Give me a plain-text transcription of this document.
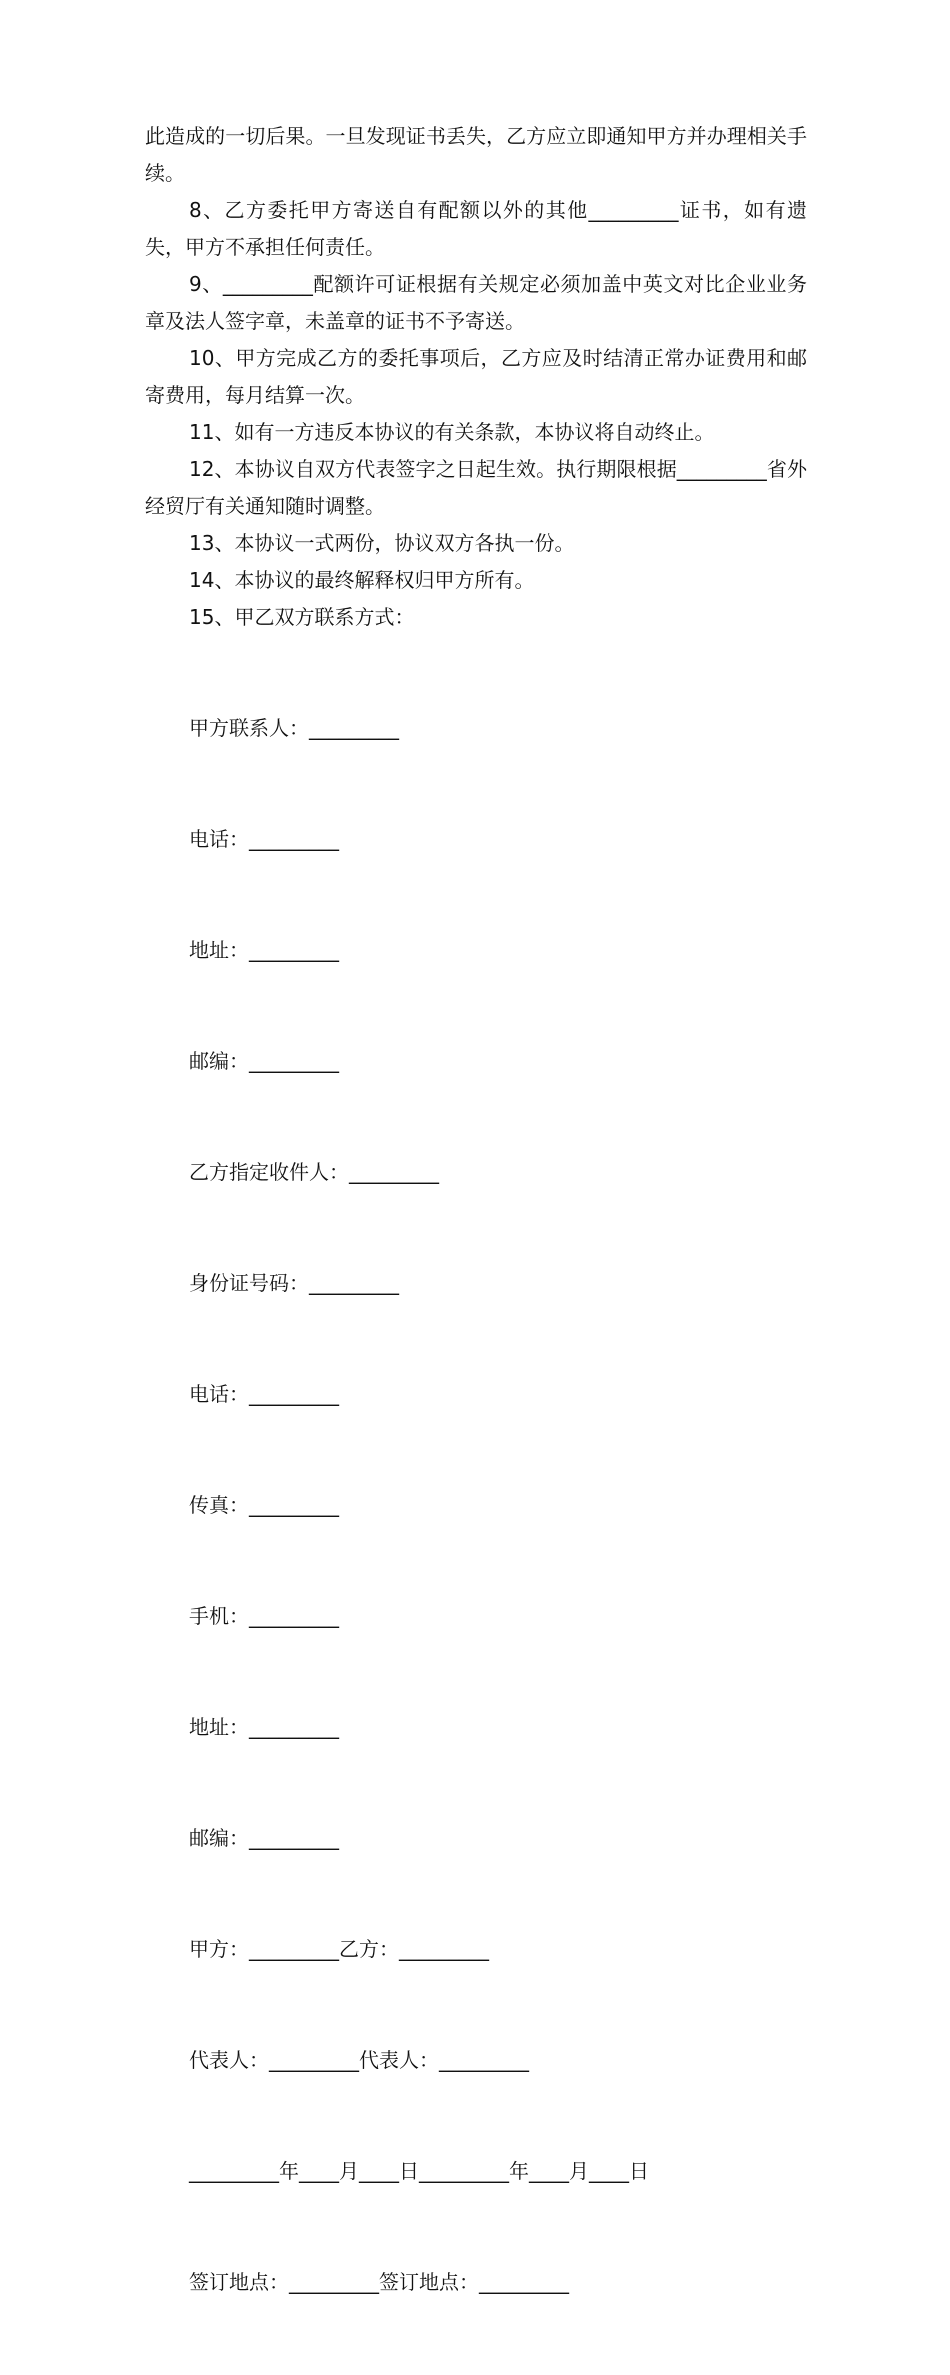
此造成的一切后果。一旦发现证书丢失，乙方应立即通知甲方并办理相关手续。

8、乙方委托甲方寄送自有配额以外的其他_________证书，如有遗失，甲方不承担任何责任。

9、_________配额许可证根据有关规定必须加盖中英文对比企业业务章及法人签字章，未盖章的证书不予寄送。

10、甲方完成乙方的委托事项后，乙方应及时结清正常办证费用和邮寄费用，每月结算一次。

11、如有一方违反本协议的有关条款，本协议将自动终止。

12、本协议自双方代表签字之日起生效。执行期限根据_________省外经贸厅有关通知随时调整。

13、本协议一式两份，协议双方各执一份。

14、本协议的最终解释权归甲方所有。

15、甲乙双方联系方式：

甲方联系人：_________

电话：_________

地址：_________

邮编：_________

乙方指定收件人：_________

身份证号码：_________

电话：_________

传真：_________

手机：_________

地址：_________

邮编：_________

甲方：_________乙方：_________

代表人：_________代表人：_________

_________年____月____日_________年____月____日

签订地点：_________签订地点：_________
